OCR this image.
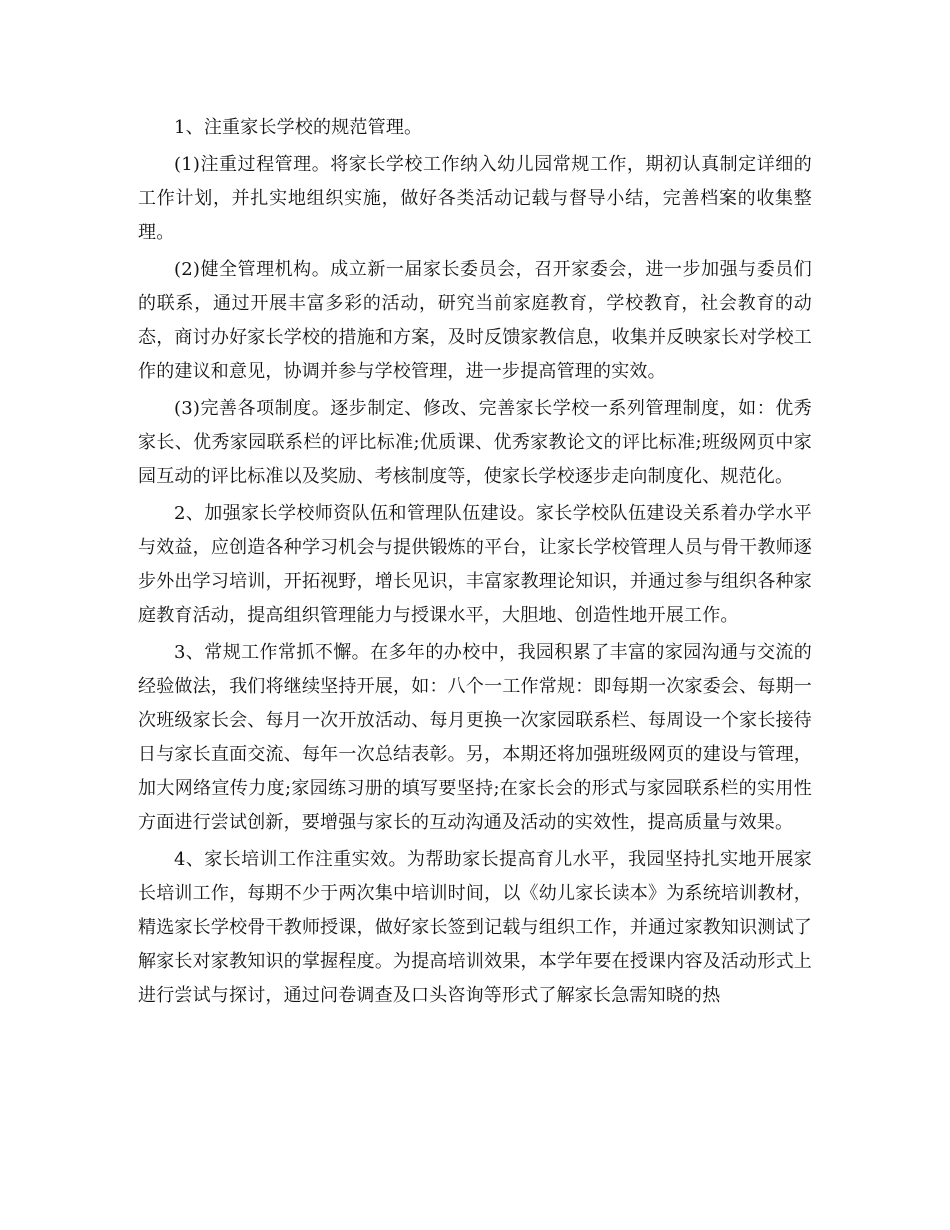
1、注重家长学校的规范管理。

(1)注重过程管理。将家长学校工作纳入幼儿园常规工作，期初认真制定详细的工作计划，并扎实地组织实施，做好各类活动记载与督导小结，完善档案的收集整理。

(2)健全管理机构。成立新一届家长委员会，召开家委会，进一步加强与委员们的联系，通过开展丰富多彩的活动，研究当前家庭教育，学校教育，社会教育的动态，商讨办好家长学校的措施和方案，及时反馈家教信息，收集并反映家长对学校工作的建议和意见，协调并参与学校管理，进一步提高管理的实效。

(3)完善各项制度。逐步制定、修改、完善家长学校一系列管理制度，如：优秀家长、优秀家园联系栏的评比标准;优质课、优秀家教论文的评比标准;班级网页中家园互动的评比标准以及奖励、考核制度等，使家长学校逐步走向制度化、规范化。

2、加强家长学校师资队伍和管理队伍建设。家长学校队伍建设关系着办学水平与效益，应创造各种学习机会与提供锻炼的平台，让家长学校管理人员与骨干教师逐步外出学习培训，开拓视野，增长见识，丰富家教理论知识，并通过参与组织各种家庭教育活动，提高组织管理能力与授课水平，大胆地、创造性地开展工作。

3、常规工作常抓不懈。在多年的办校中，我园积累了丰富的家园沟通与交流的经验做法，我们将继续坚持开展，如：八个一工作常规：即每期一次家委会、每期一次班级家长会、每月一次开放活动、每月更换一次家园联系栏、每周设一个家长接待日与家长直面交流、每年一次总结表彰。另，本期还将加强班级网页的建设与管理，加大网络宣传力度;家园练习册的填写要坚持;在家长会的形式与家园联系栏的实用性方面进行尝试创新，要增强与家长的互动沟通及活动的实效性，提高质量与效果。

4、家长培训工作注重实效。为帮助家长提高育儿水平，我园坚持扎实地开展家长培训工作，每期不少于两次集中培训时间，以《幼儿家长读本》为系统培训教材，精选家长学校骨干教师授课，做好家长签到记载与组织工作，并通过家教知识测试了解家长对家教知识的掌握程度。为提高培训效果，本学年要在授课内容及活动形式上进行尝试与探讨，通过问卷调查及口头咨询等形式了解家长急需知晓的热
